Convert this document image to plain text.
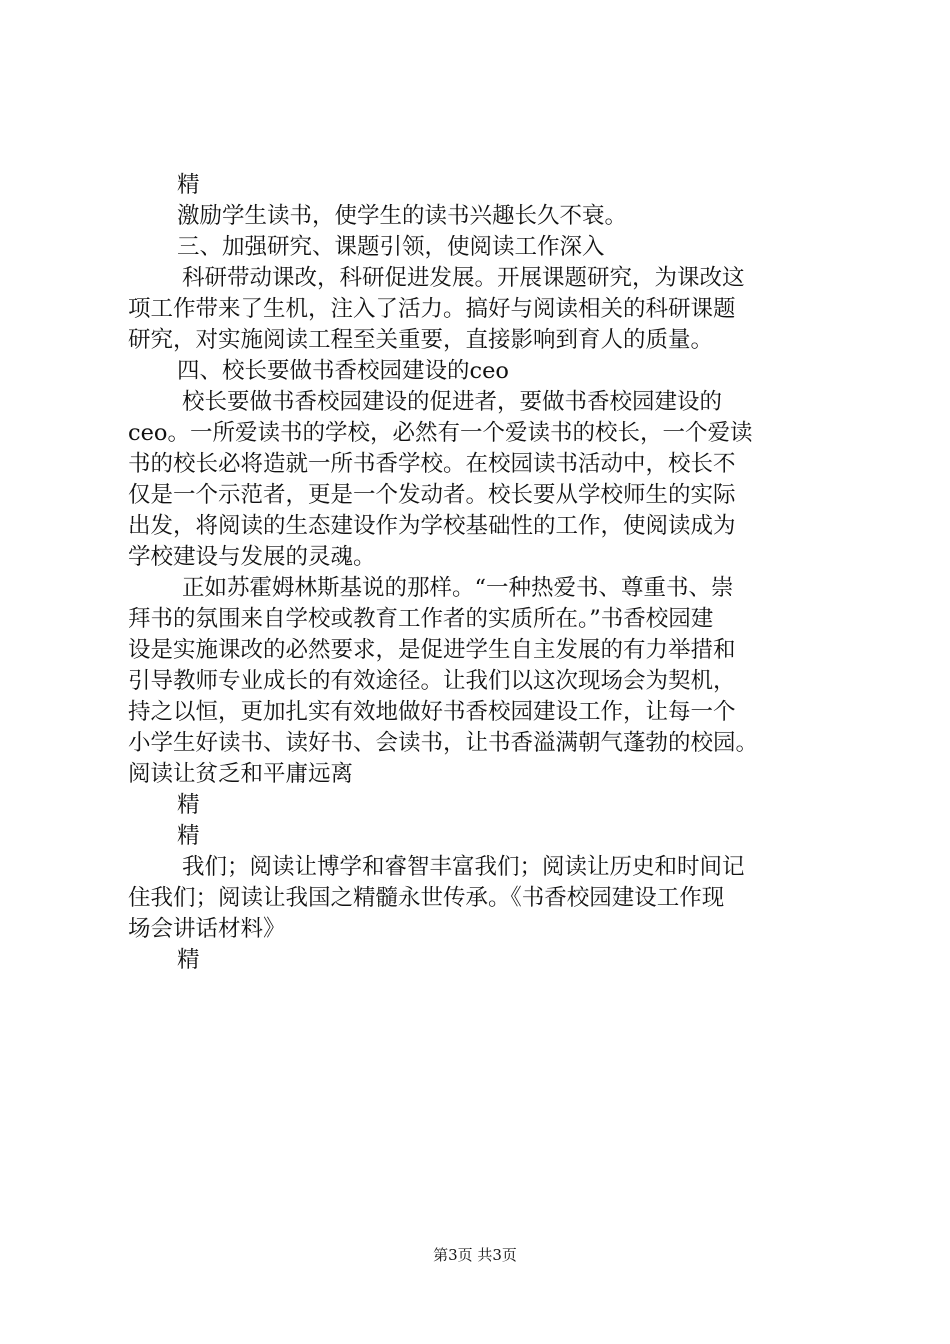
精
激励学生读书，使学生的读书兴趣长久不衰。
三、加强研究、课题引领，使阅读工作深入
科研带动课改，科研促进发展。开展课题研究，为课改这
项工作带来了生机，注入了活力。搞好与阅读相关的科研课题
研究，对实施阅读工程至关重要，直接影响到育人的质量。
四、校长要做书香校园建设的ceo
校长要做书香校园建设的促进者，要做书香校园建设的
ceo。一所爱读书的学校，必然有一个爱读书的校长，一个爱读
书的校长必将造就一所书香学校。在校园读书活动中，校长不
仅是一个示范者，更是一个发动者。校长要从学校师生的实际
出发，将阅读的生态建设作为学校基础性的工作，使阅读成为
学校建设与发展的灵魂。
正如苏霍姆林斯基说的那样。“一种热爱书、尊重书、崇
拜书的氛围来自学校或教育工作者的实质所在。”书香校园建
设是实施课改的必然要求，是促进学生自主发展的有力举措和
引导教师专业成长的有效途径。让我们以这次现场会为契机，
持之以恒，更加扎实有效地做好书香校园建设工作，让每一个
小学生好读书、读好书、会读书，让书香溢满朝气蓬勃的校园。
阅读让贫乏和平庸远离
精
精
我们；阅读让博学和睿智丰富我们；阅读让历史和时间记
住我们；阅读让我国之精髓永世传承。《书香校园建设工作现
场会讲话材料》
精
第3页 共3页
